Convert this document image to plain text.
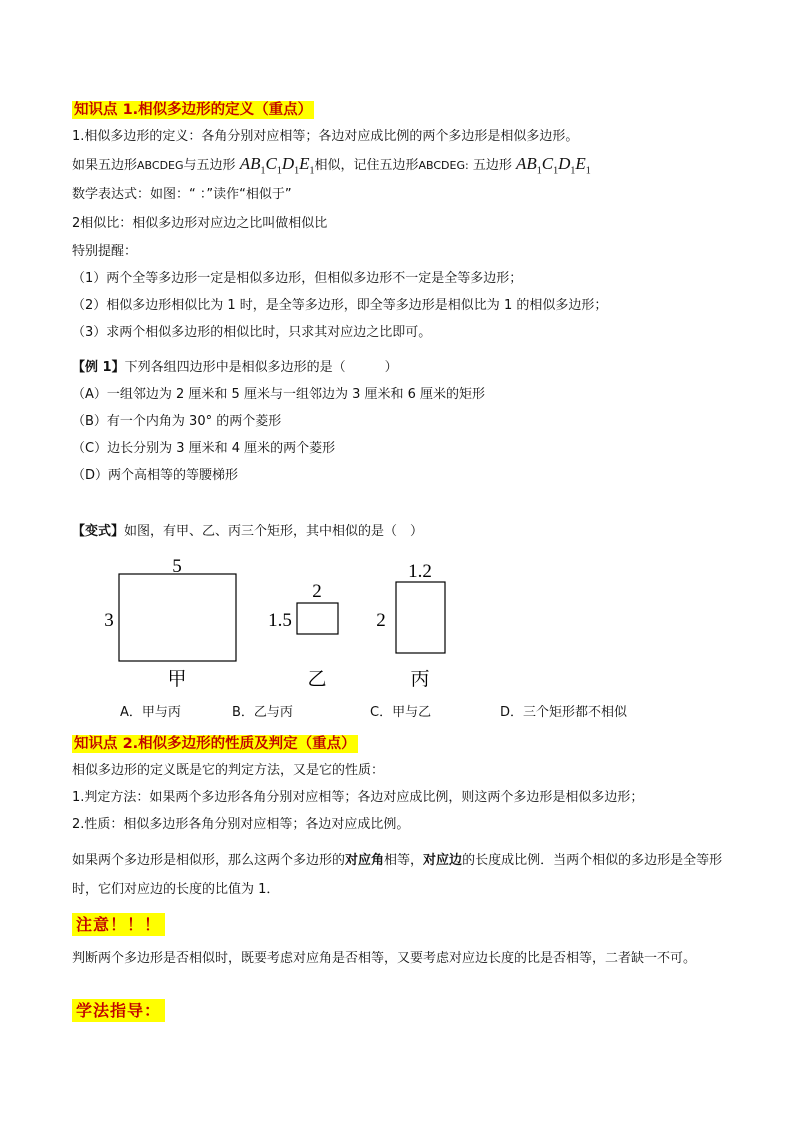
知识点 1.相似多边形的定义（重点）
1.相似多边形的定义：各角分别对应相等；各边对应成比例的两个多边形是相似多边形。
如果五边形ABCDEG与五边形 $AB_1C_1D_1E_1$相似，记住五边形ABCDEG: 五边形 $AB_1C_1D_1E_1$
数学表达式：如图：“ ：”读作“相似于”
2相似比：相似多边形对应边之比叫做相似比
特别提醒：
（1）两个全等多边形一定是相似多边形，但相似多边形不一定是全等多边形；
（2）相似多边形相似比为 1 时，是全等多边形，即全等多边形是相似比为 1 的相似多边形；
（3）求两个相似多边形的相似比时，只求其对应边之比即可。
【例 1】下列各组四边形中是相似多边形的是（　　　）
（A）一组邻边为 2 厘米和 5 厘米与一组邻边为 3 厘米和 6 厘米的矩形
（B）有一个内角为 30° 的两个菱形
（C）边长分别为 3 厘米和 4 厘米的两个菱形
（D）两个高相等的等腰梯形
【变式】如图，有甲、乙、丙三个矩形，其中相似的是（　）
5
3
甲
2
1.5
乙
1.2
2
丙
A．甲与丙	B．乙与丙	C．甲与乙	D．三个矩形都不相似
知识点 2.相似多边形的性质及判定（重点）
相似多边形的定义既是它的判定方法，又是它的性质：
1.判定方法：如果两个多边形各角分别对应相等；各边对应成比例，则这两个多边形是相似多边形；
2.性质：相似多边形各角分别对应相等；各边对应成比例。
如果两个多边形是相似形，那么这两个多边形的对应角相等，对应边的长度成比例．当两个相似的多边形是全等形时，它们对应边的长度的比值为 1．
注意！！！
判断两个多边形是否相似时，既要考虑对应角是否相等，又要考虑对应边长度的比是否相等，二者缺一不可。
学法指导：
